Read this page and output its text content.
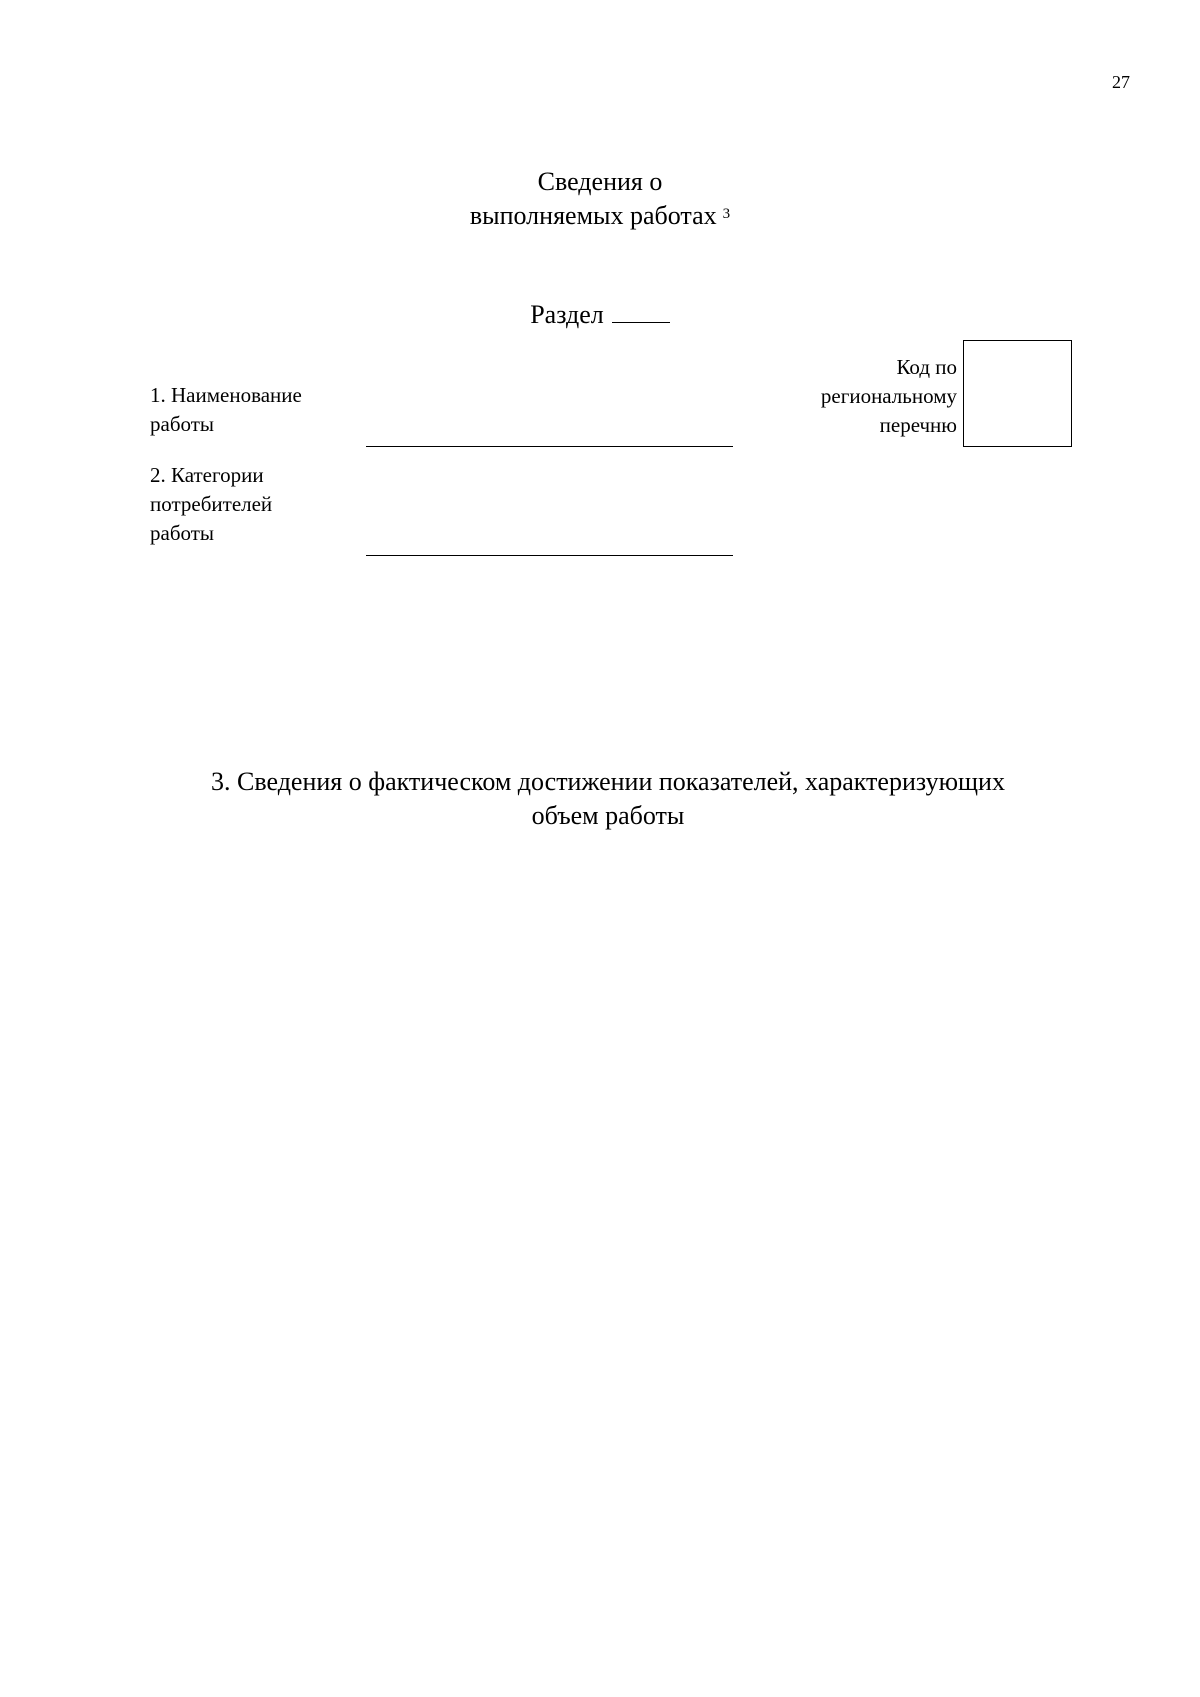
27
Сведения о
выполняемых работах $^3$
Раздел
1. Наименование
работы
2. Категории
потребителей
работы
Код по
региональному
перечню
3. Сведения о фактическом достижении показателей, характеризующих
объем работы
